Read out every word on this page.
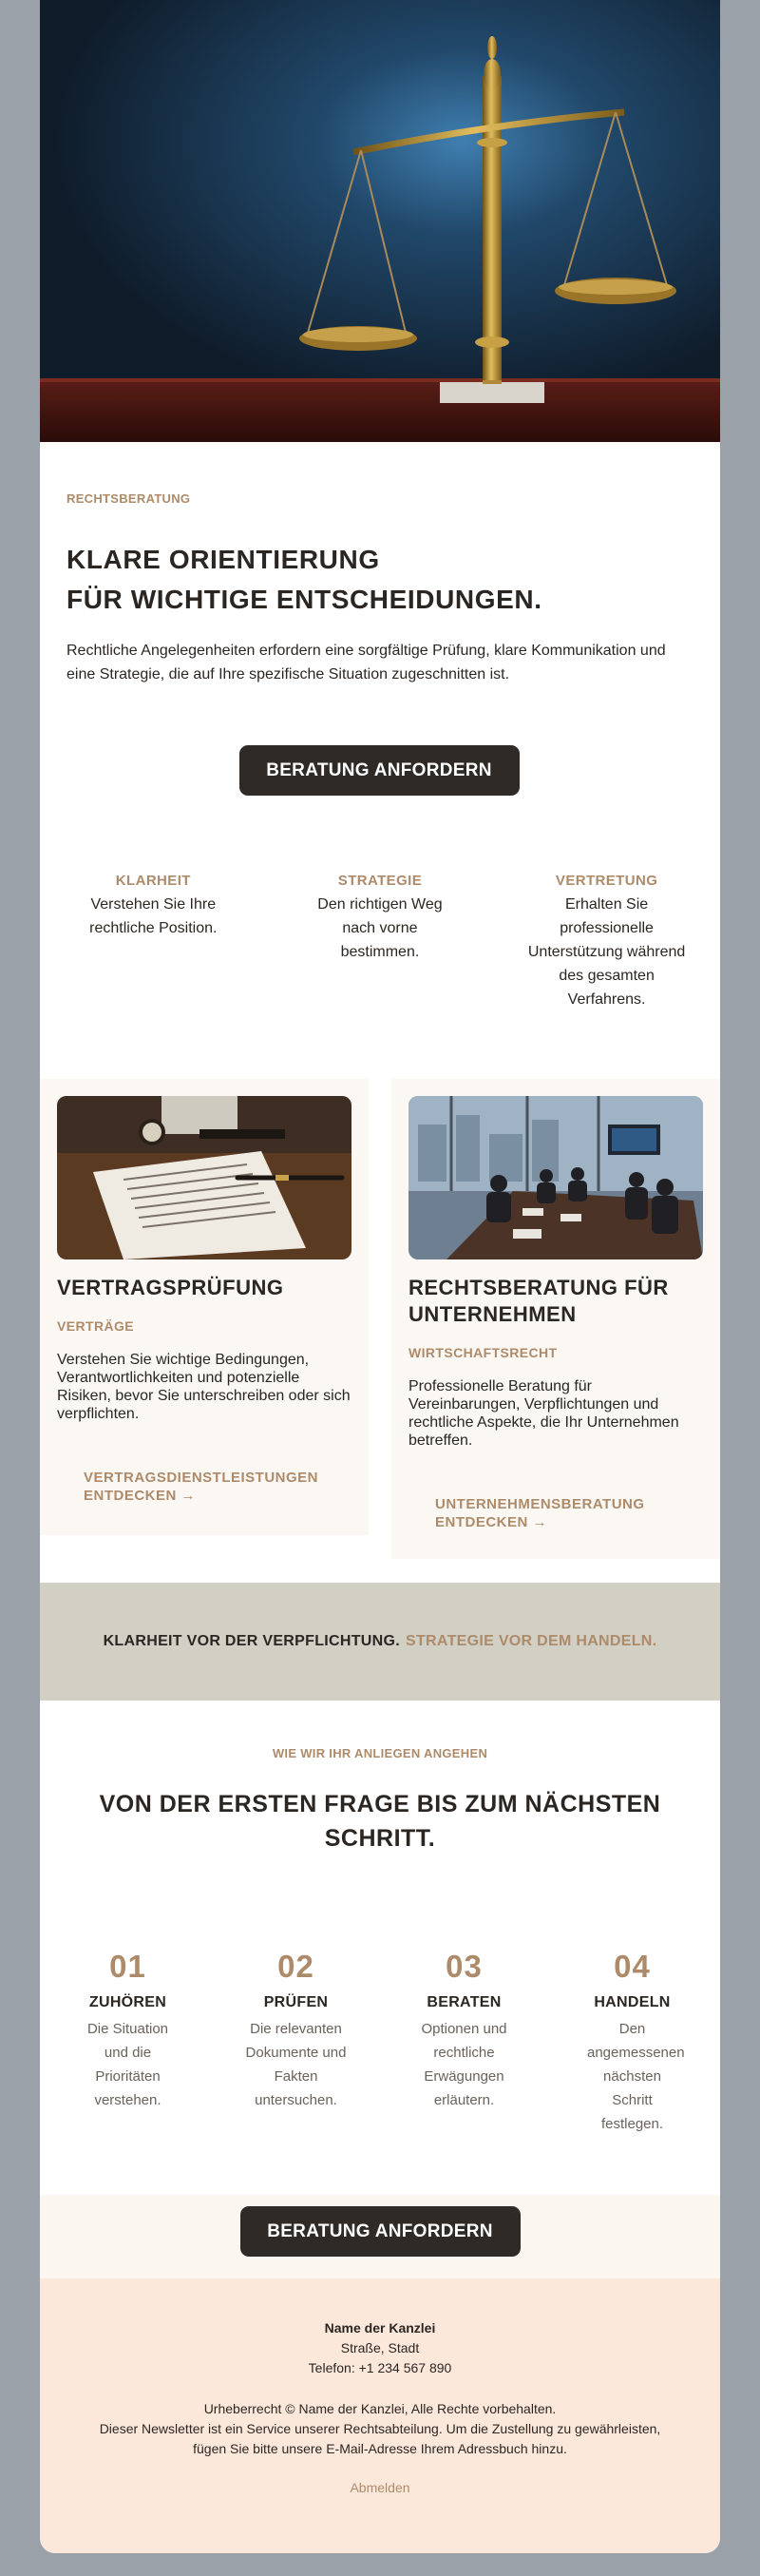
RECHTSBERATUNG
KLARE ORIENTIERUNG
FÜR WICHTIGE ENTSCHEIDUNGEN.

Rechtliche Angelegenheiten erfordern eine sorgfältige Prüfung, klare Kommunikation und eine Strategie, die auf Ihre spezifische Situation zugeschnitten ist.

BERATUNG ANFORDERN
KLARHEIT

Verstehen Sie Ihre rechtliche Position.

STRATEGIE

Den richtigen Weg nach vorne bestimmen.

VERTRETUNG

Erhalten Sie professionelle Unterstützung während des gesamten Verfahrens.

VERTRAGSPRÜFUNG
VERTRÄGE

Verstehen Sie wichtige Bedingungen, Verantwortlichkeiten und potenzielle Risiken, bevor Sie unterschreiben oder sich verpflichten.

VERTRAGSDIENSTLEISTUNGEN ENTDECKEN →
RECHTSBERATUNG FÜR UNTERNEHMEN
WIRTSCHAFTSRECHT

Professionelle Beratung für Vereinbarungen, Verpflichtungen und rechtliche Aspekte, die Ihr Unternehmen betreffen.

UNTERNEHMENSBERATUNG ENTDECKEN →
KLARHEIT VOR DER VERPFLICHTUNG. STRATEGIE VOR DEM HANDELN.
WIE WIR IHR ANLIEGEN ANGEHEN
VON DER ERSTEN FRAGE BIS ZUM NÄCHSTEN SCHRITT.
01
ZUHÖREN
Die Situation und die Prioritäten verstehen.
02
PRÜFEN
Die relevanten Dokumente und Fakten untersuchen.
03
BERATEN
Optionen und rechtliche Erwägungen erläutern.
04
HANDELN
Den angemessenen nächsten Schritt festlegen.
BERATUNG ANFORDERN
Name der Kanzlei
Straße, Stadt
Telefon: +1 234 567 890
Urheberrecht © Name der Kanzlei, Alle Rechte vorbehalten.
Dieser Newsletter ist ein Service unserer Rechtsabteilung. Um die Zustellung zu gewährleisten,
fügen Sie bitte unsere E-Mail-Adresse Ihrem Adressbuch hinzu.
Abmelden
